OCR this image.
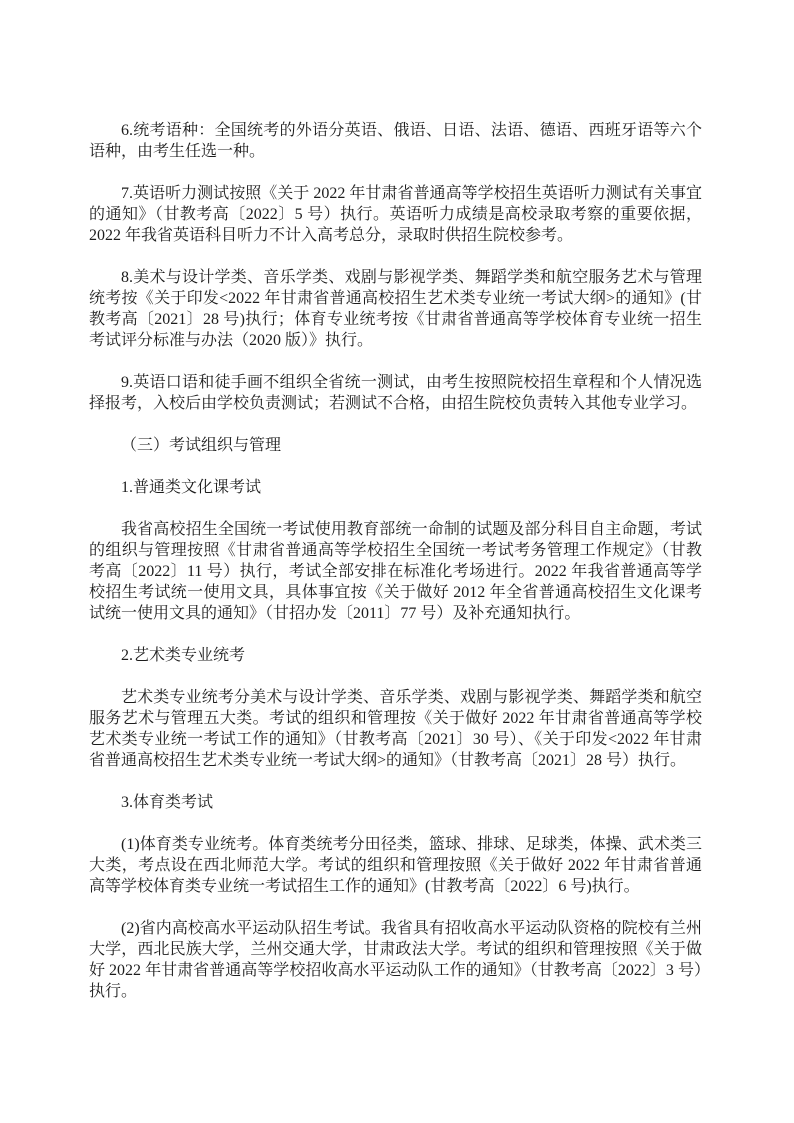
6.统考语种：全国统考的外语分英语、俄语、日语、法语、德语、西班牙语等六个语种，由考生任选一种。

7.英语听力测试按照《关于 2022 年甘肃省普通高等学校招生英语听力测试有关事宜的通知》（甘教考高〔2022〕5 号）执行。英语听力成绩是高校录取考察的重要依据，2022 年我省英语科目听力不计入高考总分，录取时供招生院校参考。

8.美术与设计学类、音乐学类、戏剧与影视学类、舞蹈学类和航空服务艺术与管理统考按《关于印发<2022 年甘肃省普通高校招生艺术类专业统一考试大纲>的通知》(甘教考高〔2021〕28 号)执行；体育专业统考按《甘肃省普通高等学校体育专业统一招生考试评分标准与办法（2020 版）》执行。

9.英语口语和徒手画不组织全省统一测试，由考生按照院校招生章程和个人情况选择报考，入校后由学校负责测试；若测试不合格，由招生院校负责转入其他专业学习。

（三）考试组织与管理

1.普通类文化课考试

我省高校招生全国统一考试使用教育部统一命制的试题及部分科目自主命题，考试的组织与管理按照《甘肃省普通高等学校招生全国统一考试考务管理工作规定》（甘教考高〔2022〕11 号）执行，考试全部安排在标准化考场进行。2022 年我省普通高等学校招生考试统一使用文具，具体事宜按《关于做好 2012 年全省普通高校招生文化课考试统一使用文具的通知》（甘招办发〔2011〕77 号）及补充通知执行。

2.艺术类专业统考

艺术类专业统考分美术与设计学类、音乐学类、戏剧与影视学类、舞蹈学类和航空服务艺术与管理五大类。考试的组织和管理按《关于做好 2022 年甘肃省普通高等学校艺术类专业统一考试工作的通知》（甘教考高〔2021〕30 号）、《关于印发<2022 年甘肃省普通高校招生艺术类专业统一考试大纲>的通知》（甘教考高〔2021〕28 号）执行。

3.体育类考试

(1)体育类专业统考。体育类统考分田径类，篮球、排球、足球类，体操、武术类三大类，考点设在西北师范大学。考试的组织和管理按照《关于做好 2022 年甘肃省普通高等学校体育类专业统一考试招生工作的通知》(甘教考高〔2022〕6 号)执行。

(2)省内高校高水平运动队招生考试。我省具有招收高水平运动队资格的院校有兰州大学，西北民族大学，兰州交通大学，甘肃政法大学。考试的组织和管理按照《关于做好 2022 年甘肃省普通高等学校招收高水平运动队工作的通知》（甘教考高〔2022〕3 号）执行。
